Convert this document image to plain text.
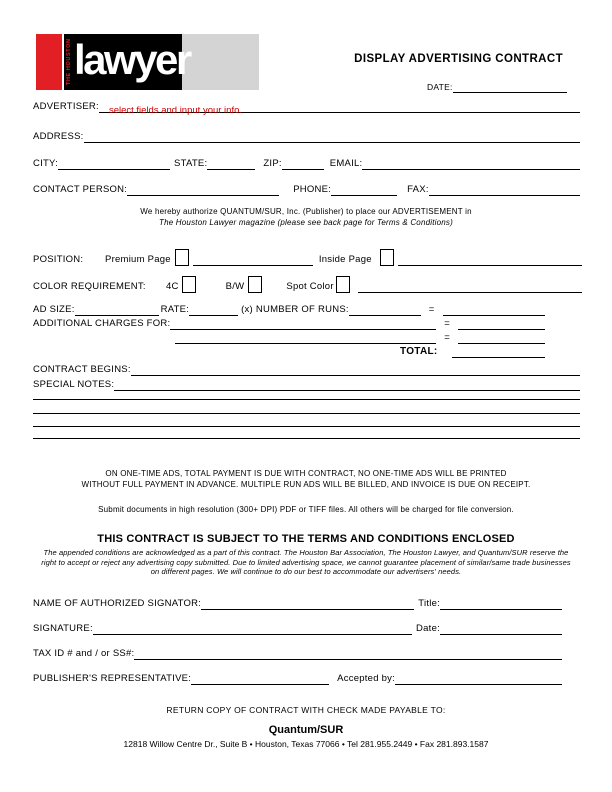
THE HOUSTON lawyer	DISPLAY ADVERTISING CONTRACT
DATE:
ADVERTISER:	select fields and input your info.
ADDRESS:
CITY:	STATE:	ZIP:	EMAIL:
CONTACT PERSON:	PHONE:	FAX:
We hereby authorize QUANTUM/SUR, Inc. (Publisher) to place our ADVERTISEMENT in
The Houston Lawyer magazine (please see back page for Terms & Conditions)
POSITION:	Premium Page	Inside Page
COLOR REQUIREMENT:	4C	B/W	Spot Color
AD SIZE:	RATE:	(x) NUMBER OF RUNS:	=
ADDITIONAL CHARGES FOR:	=
=
TOTAL:
CONTRACT BEGINS:
SPECIAL NOTES:
ON ONE-TIME ADS, TOTAL PAYMENT IS DUE WITH CONTRACT, NO ONE-TIME ADS WILL BE PRINTED
WITHOUT FULL PAYMENT IN ADVANCE. MULTIPLE RUN ADS WILL BE BILLED, AND INVOICE IS DUE ON RECEIPT.
Submit documents in high resolution (300+ DPI) PDF or TIFF files. All others will be charged for file conversion.
THIS CONTRACT IS SUBJECT TO THE TERMS AND CONDITIONS ENCLOSED
The appended conditions are acknowledged as a part of this contract. The Houston Bar Association, The Houston Lawyer, and Quantum/SUR reserve the right to accept or reject any advertising copy submitted. Due to limited advertising space, we cannot guarantee placement of similar/same trade businesses on different pages. We will continue to do our best to accommodate our advertisers' needs.
NAME OF AUTHORIZED SIGNATOR:	Title:
SIGNATURE:	Date:
TAX ID # and / or SS#:
PUBLISHER'S REPRESENTATIVE:	Accepted by:
RETURN COPY OF CONTRACT WITH CHECK MADE PAYABLE TO:
Quantum/SUR
12818 Willow Centre Dr., Suite B • Houston, Texas 77066 • Tel 281.955.2449 • Fax 281.893.1587
